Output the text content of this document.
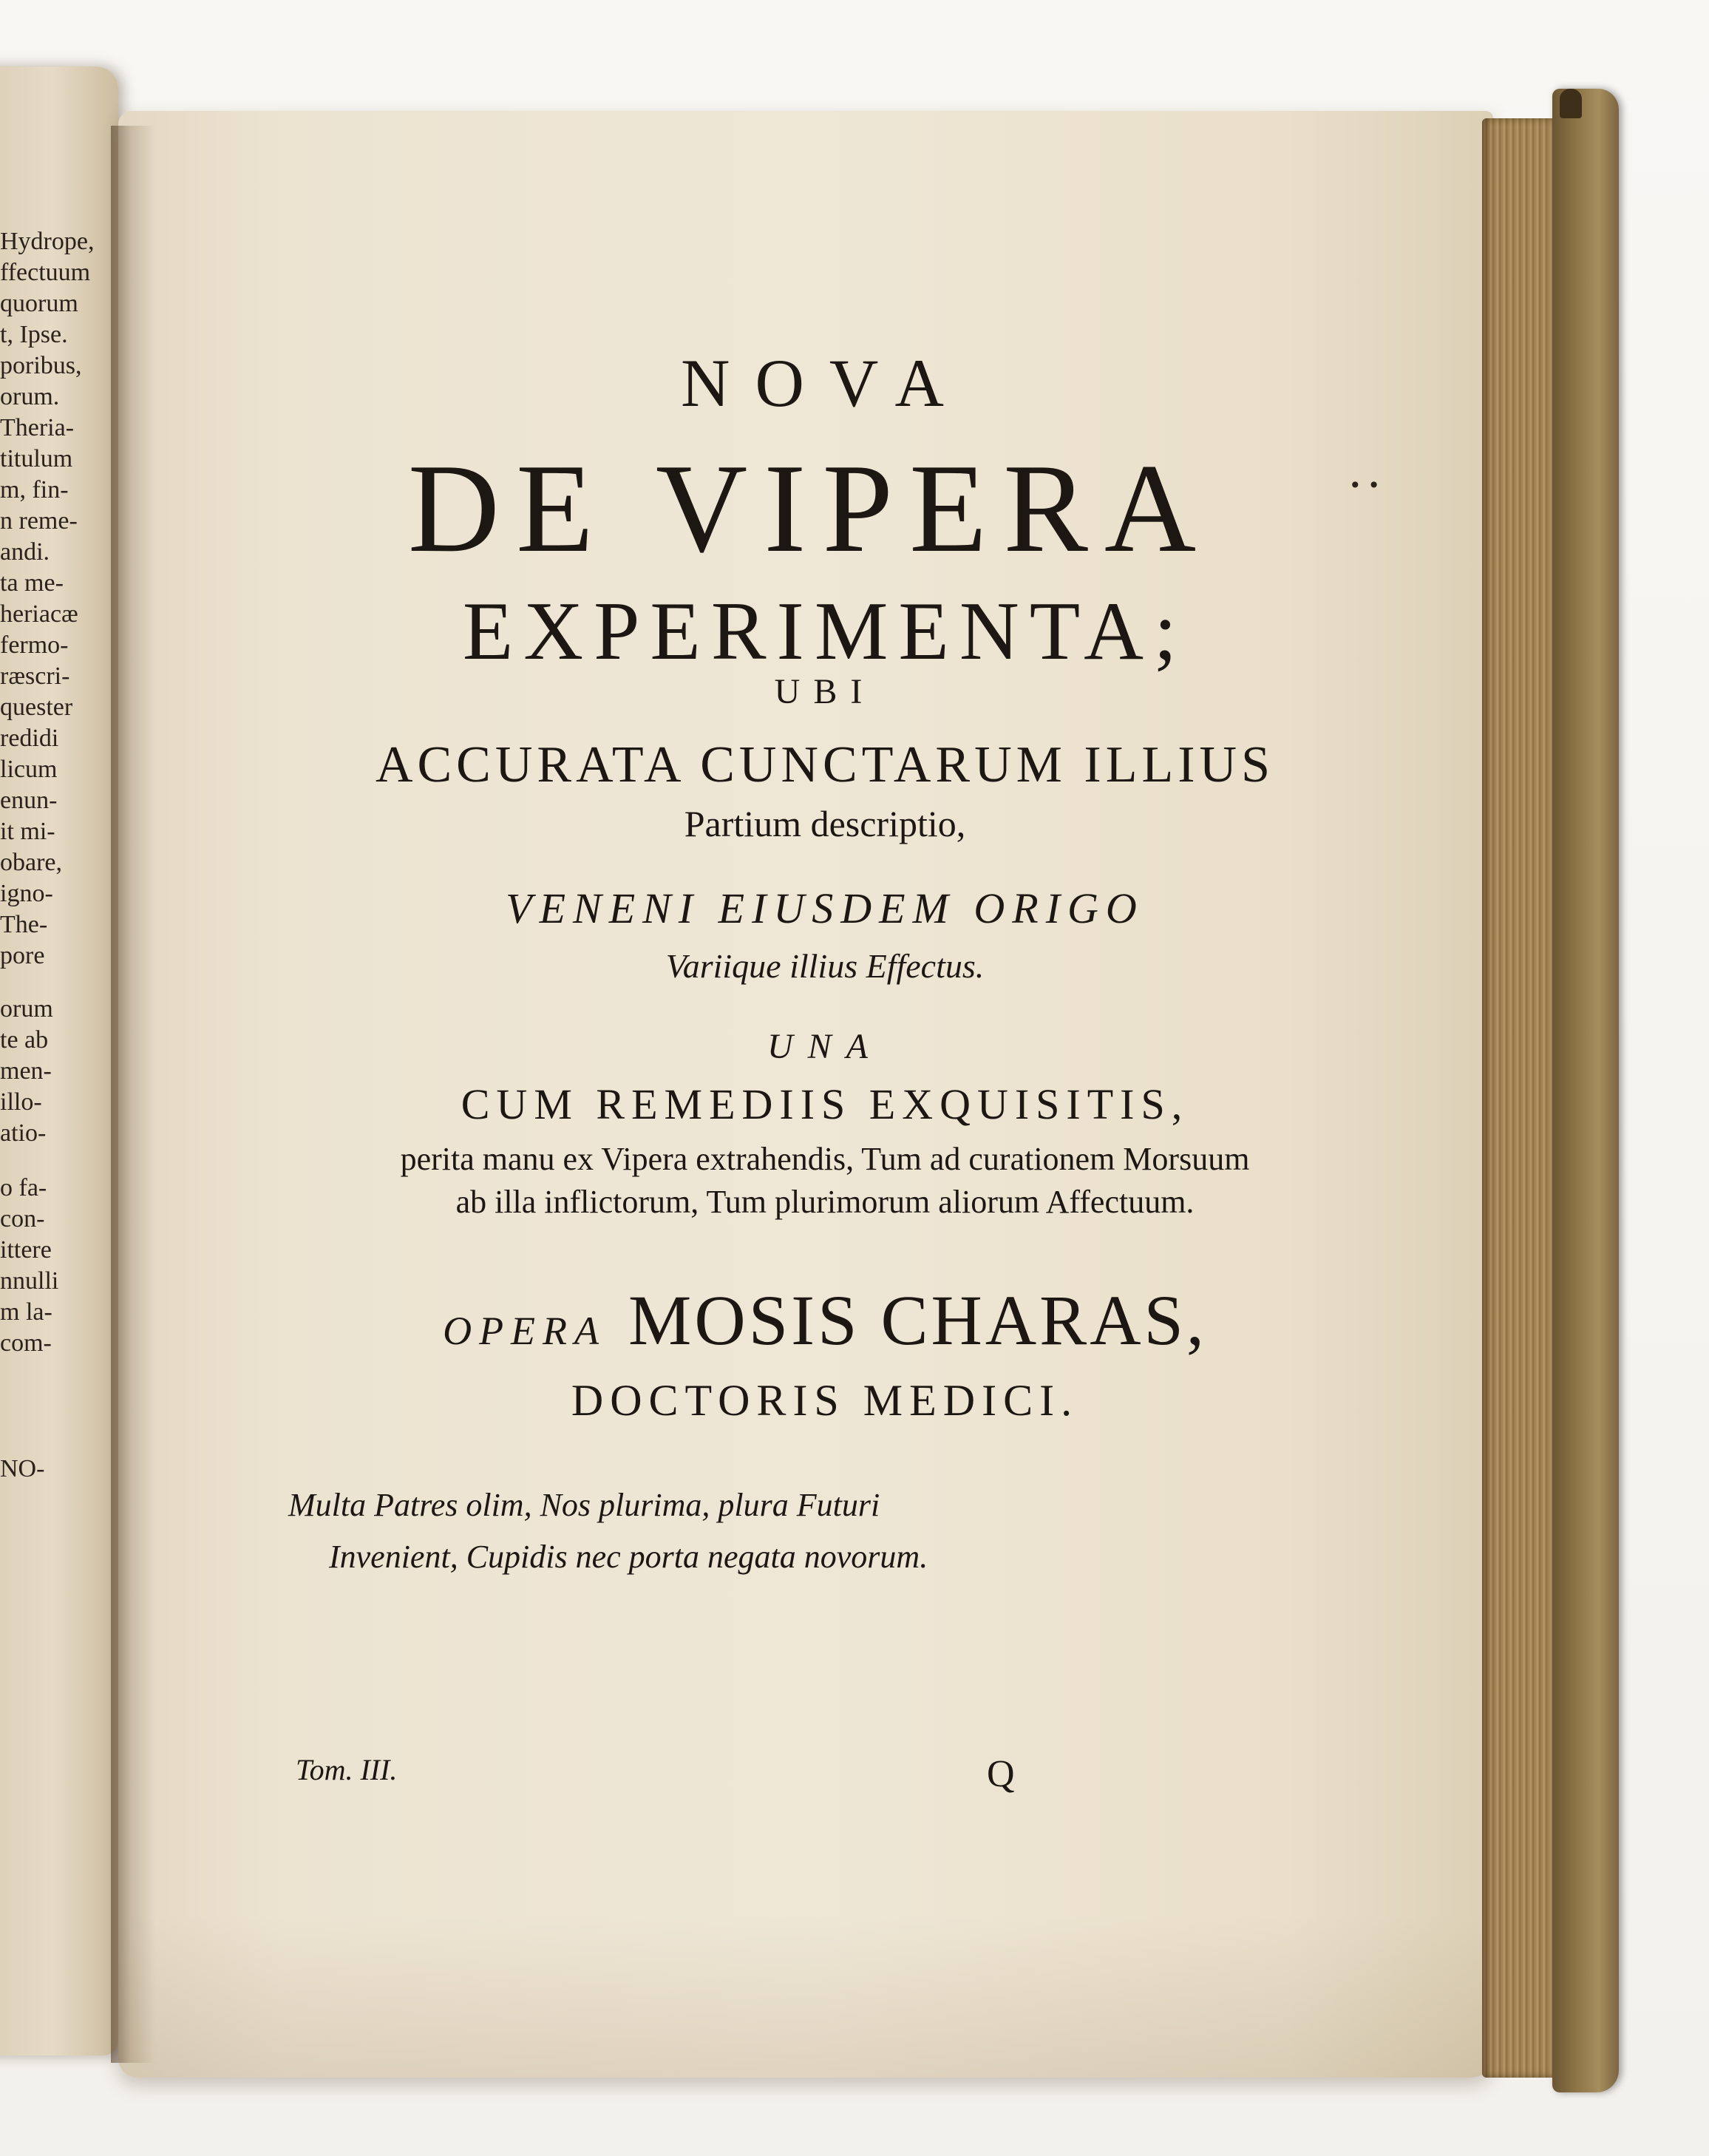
Hydrope,
ffectuum
quorum
t, Ipse.
poribus,
orum.
Theria-
titulum
m, fin-
n reme-
andi.
ta me-
heriacæ
fermo-
ræscri-
quester
redidi
licum
enun-
it mi-
obare,
igno-
The-
pore
orum
te ab
men-
illo-
atio-
o fa-
con-
ittere
nnulli
m la-
com-
NO-
NOVA
DE VIPERA	• •
EXPERIMENTA;
UBI
ACCURATA CUNCTARUM ILLIUS
Partium descriptio,
VENENI EIUSDEM ORIGO
Variique illius Effectus.
UNA
CUM REMEDIIS EXQUISITIS,
perita manu ex Vipera extrahendis, Tum ad curationem Morsuum
ab illa inflictorum, Tum plurimorum aliorum Affectuum.
OPERA MOSIS CHARAS,
DOCTORIS MEDICI.
Multa Patres olim, Nos plurima, plura Futuri
Invenient, Cupidis nec porta negata novorum.
Tom. III.	Q
